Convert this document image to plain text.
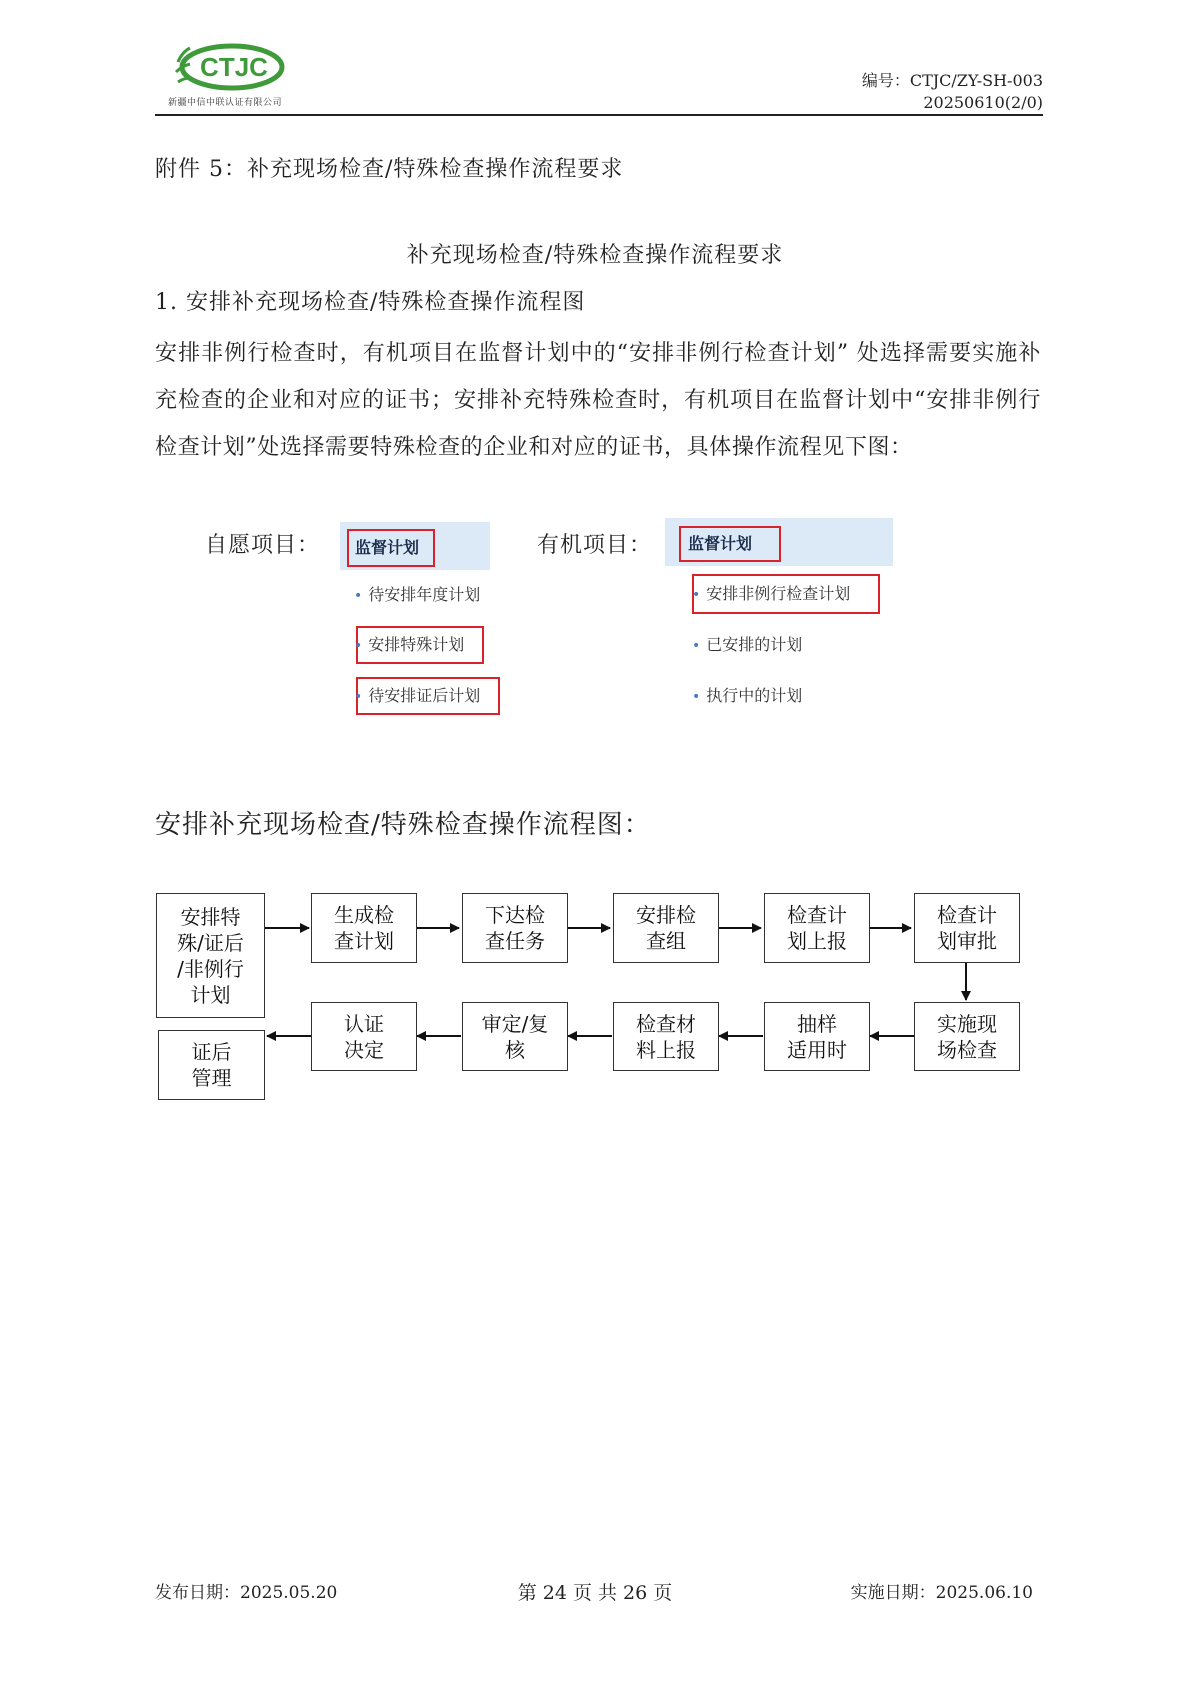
CTJC
新疆中信中联认证有限公司
编号：CTJC/ZY-SH-003
20250610(2/0)
附件 5：补充现场检查/特殊检查操作流程要求
补充现场检查/特殊检查操作流程要求
1. 安排补充现场检查/特殊检查操作流程图
安排非例行检查时，有机项目在监督计划中的“安排非例行检查计划” 处选择需要实施补充检查的企业和对应的证书；安排补充特殊检查时，有机项目在监督计划中“安排非例行检查计划”处选择需要特殊检查的企业和对应的证书，具体操作流程见下图：
自愿项目： 监督计划
• 待安排年度计划
• 安排特殊计划
• 待安排证后计划
有机项目： 监督计划
• 安排非例行检查计划
• 已安排的计划
• 执行中的计划
安排补充现场检查/特殊检查操作流程图：
安排特
殊/证后
/非例行
计划
生成检
查计划
下达检
查任务
安排检
查组
检查计
划上报
检查计
划审批
实施现
场检查
抽样
适用时
检查材
料上报
审定/复
核
认证
决定
证后
管理
发布日期：2025.05.20	第 24 页 共 26 页	实施日期：2025.06.10
